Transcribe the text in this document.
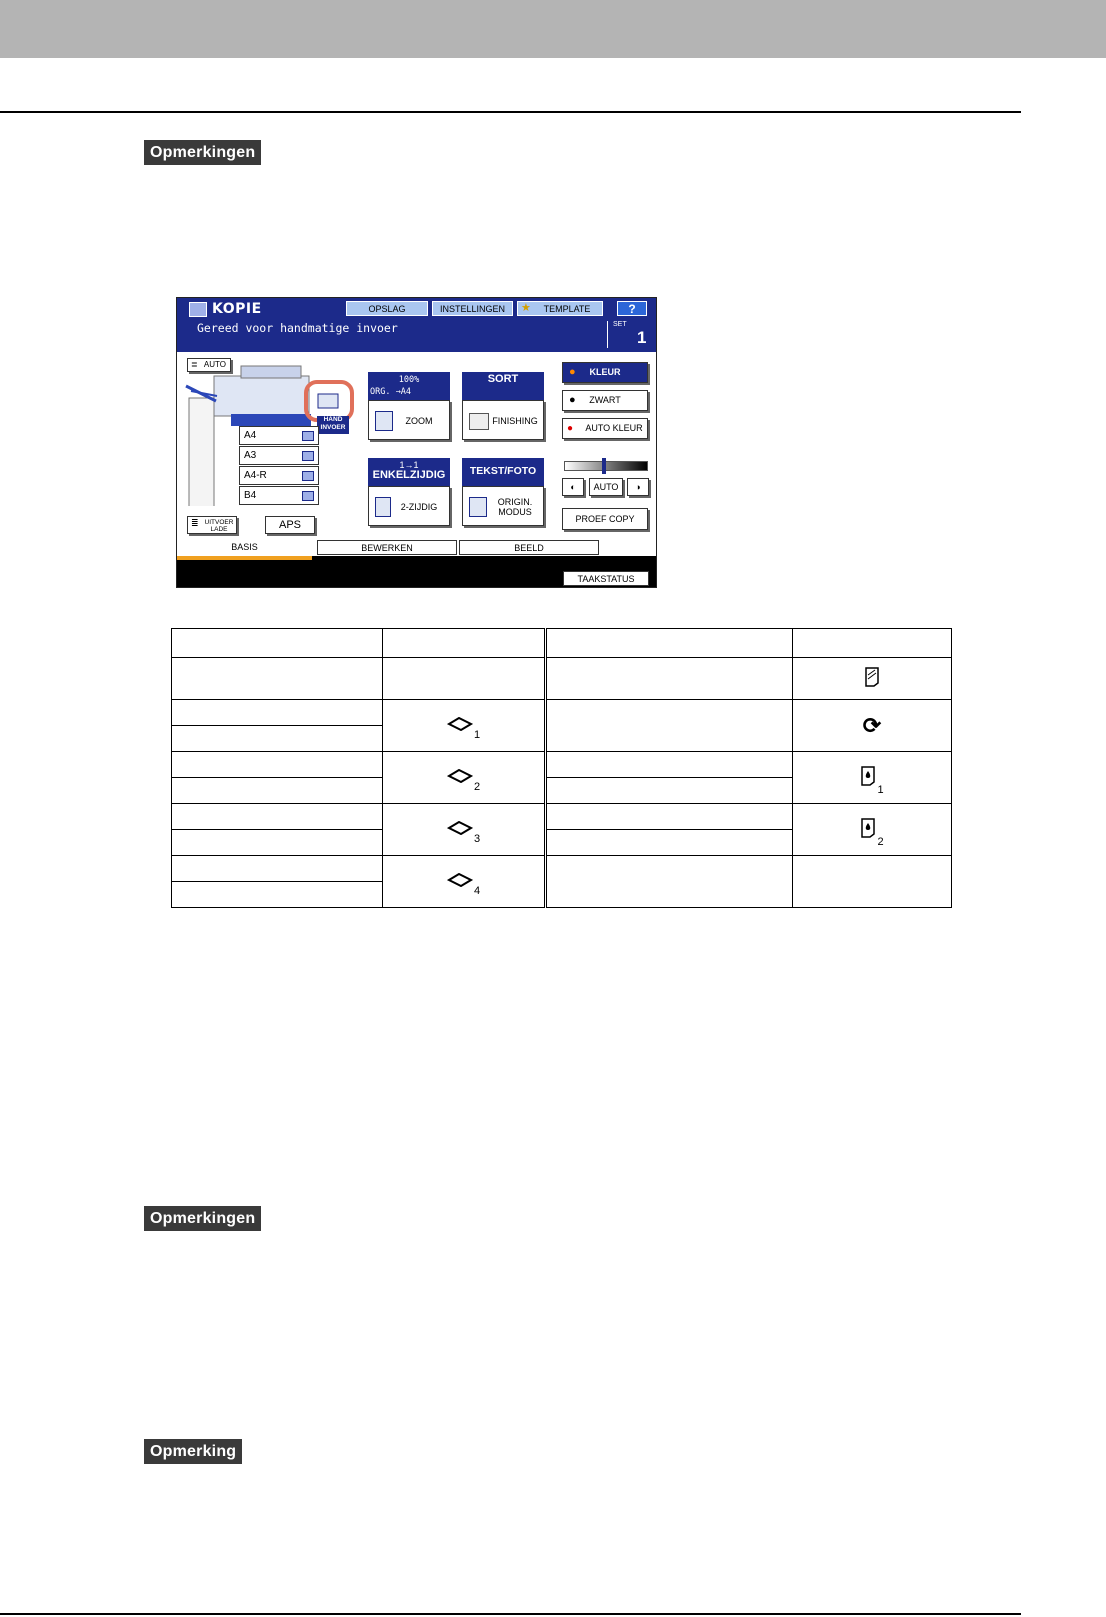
Opmerkingen
KOPIE	OPSLAG	INSTELLINGEN	★ TEMPLATE	?
Gereed voor handmatige invoer	SET
1
≣ AUTO
HAND INVOER
A4
A3
A4-R
B4
≣ UITVOER LADE	APS
100%
ORG. →A4
ZOOM
SORT
FINISHING
1→1
ENKELZIJDIG
2-ZIJDIG
TEKST/FOTO
ORIGIN.
MODUS
● KLEUR
● ZWART
● AUTO KLEUR
◐	AUTO	◑
PROEF COPY
BASIS	BEWERKEN	BEELD
TAAKSTATUS

	1		⟳

	2		1

	3		2

	4		

Opmerkingen
Opmerking
